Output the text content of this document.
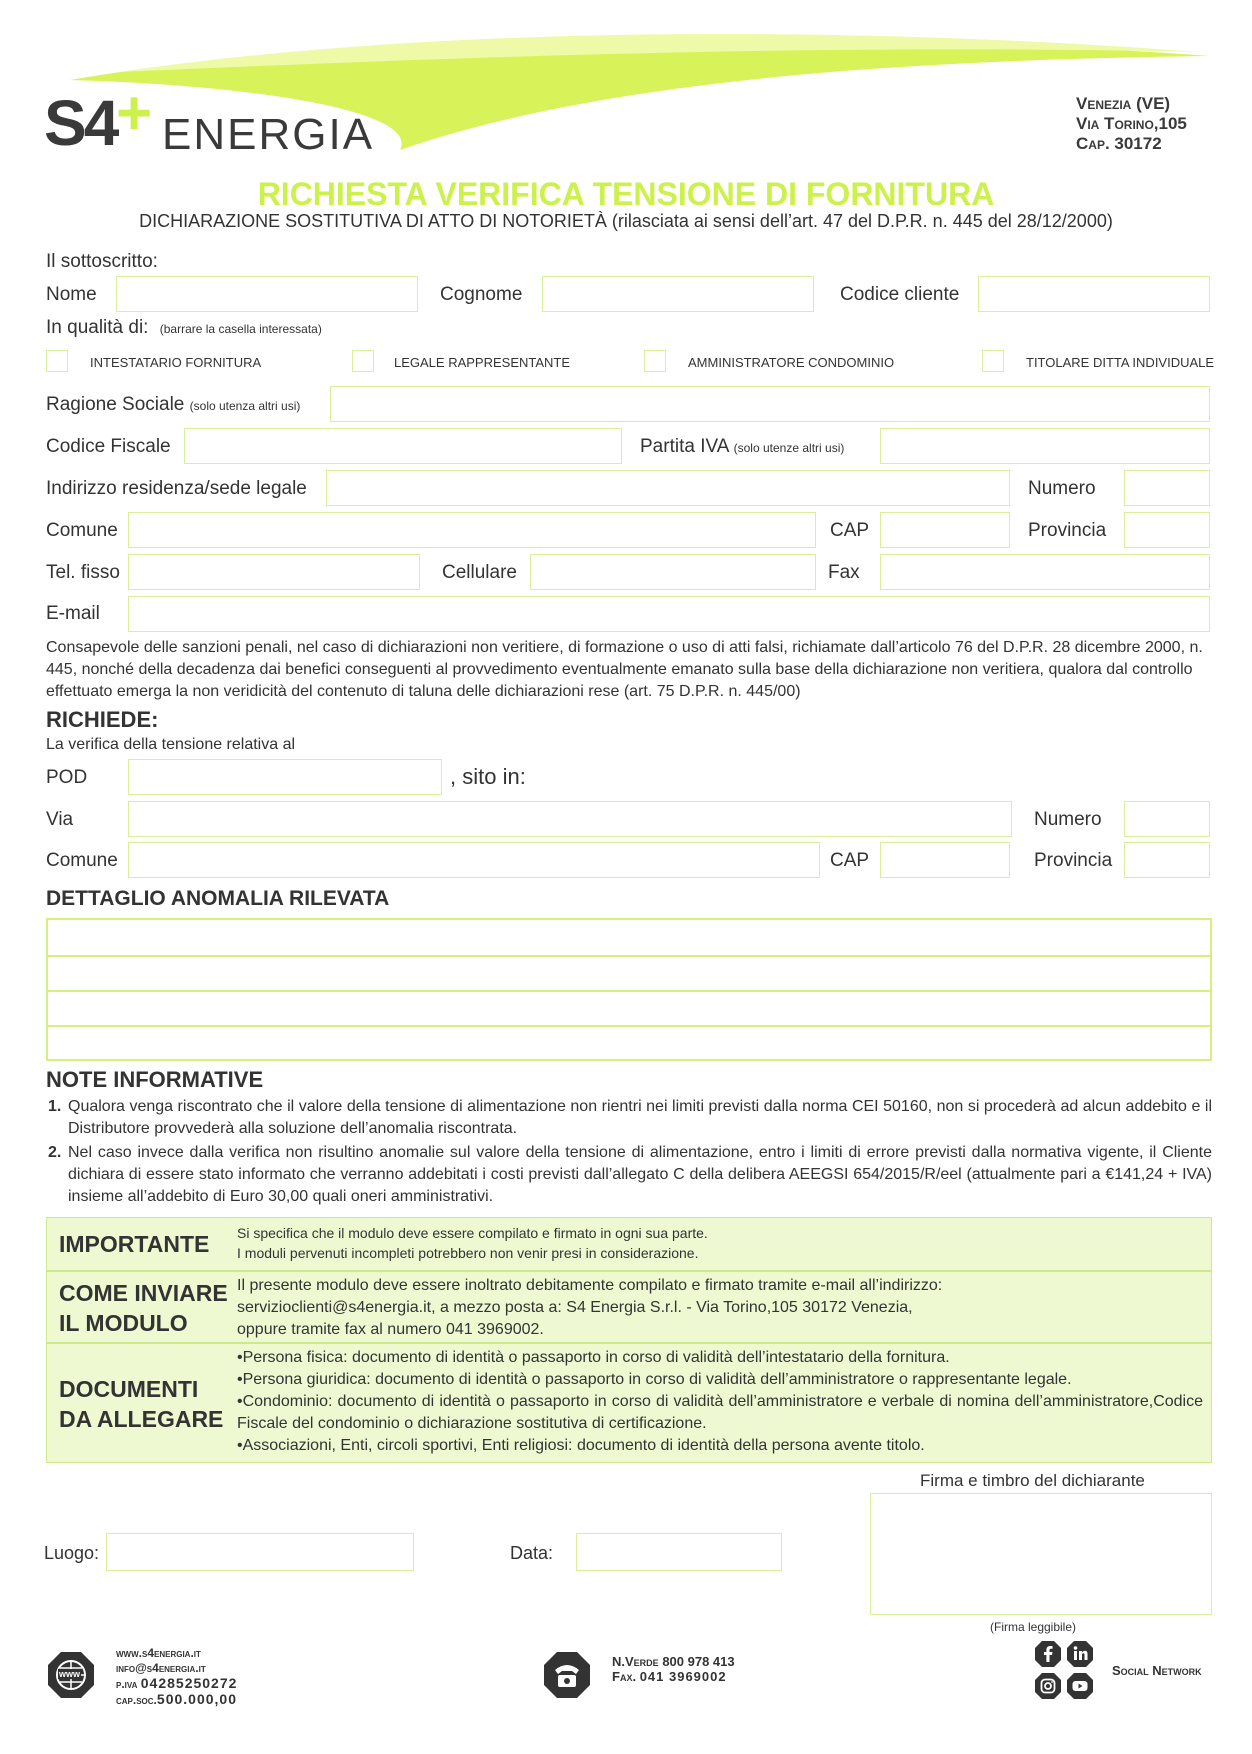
S4 + ENERGIA
Venezia (VE)
Via Torino,105
Cap. 30172
RICHIESTA VERIFICA TENSIONE DI FORNITURA
DICHIARAZIONE SOSTITUTIVA DI ATTO DI NOTORIETÀ (rilasciata ai sensi dell’art. 47 del D.P.R. n. 445 del 28/12/2000)
Il sottoscritto:
Nome	Cognome	Codice cliente
In qualità di: (barrare la casella interessata)
INTESTATARIO FORNITURA	LEGALE RAPPRESENTANTE	AMMINISTRATORE CONDOMINIO	TITOLARE DITTA INDIVIDUALE
Ragione Sociale (solo utenza altri usi)
Codice Fiscale	Partita IVA (solo utenze altri usi)
Indirizzo residenza/sede legale	Numero
Comune	CAP	Provincia
Tel. fisso	Cellulare	Fax
E-mail
Consapevole delle sanzioni penali, nel caso di dichiarazioni non veritiere, di formazione o uso di atti falsi, richiamate dall’articolo 76 del D.P.R. 28 dicembre 2000, n. 445, nonché della decadenza dai benefici conseguenti al provvedimento eventualmente emanato sulla base della dichiarazione non veritiera, qualora dal controllo effettuato emerga la non veridicità del contenuto di taluna delle dichiarazioni rese (art. 75 D.P.R. n. 445/00)
RICHIEDE:
La verifica della tensione relativa al
POD	, sito in:
Via	Numero
Comune	CAP	Provincia
DETTAGLIO ANOMALIA RILEVATA
NOTE INFORMATIVE
1. Qualora venga riscontrato che il valore della tensione di alimentazione non rientri nei limiti previsti dalla norma CEI 50160, non si procederà ad alcun addebito e il Distributore provvederà alla soluzione dell’anomalia riscontrata.
2. Nel caso invece dalla verifica non risultino anomalie sul valore della tensione di alimentazione, entro i limiti di errore previsti dalla normativa vigente, il Cliente dichiara di essere stato informato che verranno addebitati i costi previsti dall’allegato C della delibera AEEGSI 654/2015/R/eel (attualmente pari a €141,24 + IVA) insieme all’addebito di Euro 30,00 quali oneri amministrativi.
IMPORTANTE Si specifica che il modulo deve essere compilato e firmato in ogni sua parte.
I moduli pervenuti incompleti potrebbero non venir presi in considerazione.
COME INVIARE
IL MODULO
Il presente modulo deve essere inoltrato debitamente compilato e firmato tramite e-mail all’indirizzo:
servizioclienti@s4energia.it, a mezzo posta a: S4 Energia S.r.l. - Via Torino,105 30172 Venezia,
oppure tramite fax al numero 041 3969002.
DOCUMENTI
DA ALLEGARE
•Persona fisica: documento di identità o passaporto in corso di validità dell’intestatario della fornitura.
•Persona giuridica: documento di identità o passaporto in corso di validità dell’amministratore o rappresentante legale.
•Condominio: documento di identità o passaporto in corso di validità dell’amministratore e verbale di nomina dell’amministratore,Codice Fiscale del condominio o dichiarazione sostitutiva di certificazione.
•Associazioni, Enti, circoli sportivi, Enti religiosi: documento di identità della persona avente titolo.
Firma e timbro del dichiarante
(Firma leggibile)
Luogo:	Data:
www
www.s4energia.it
info@s4energia.it
p.iva 04285250272
cap.soc.500.000,00
N.Verde 800 978 413
Fax. 041 3969002	Social Network
